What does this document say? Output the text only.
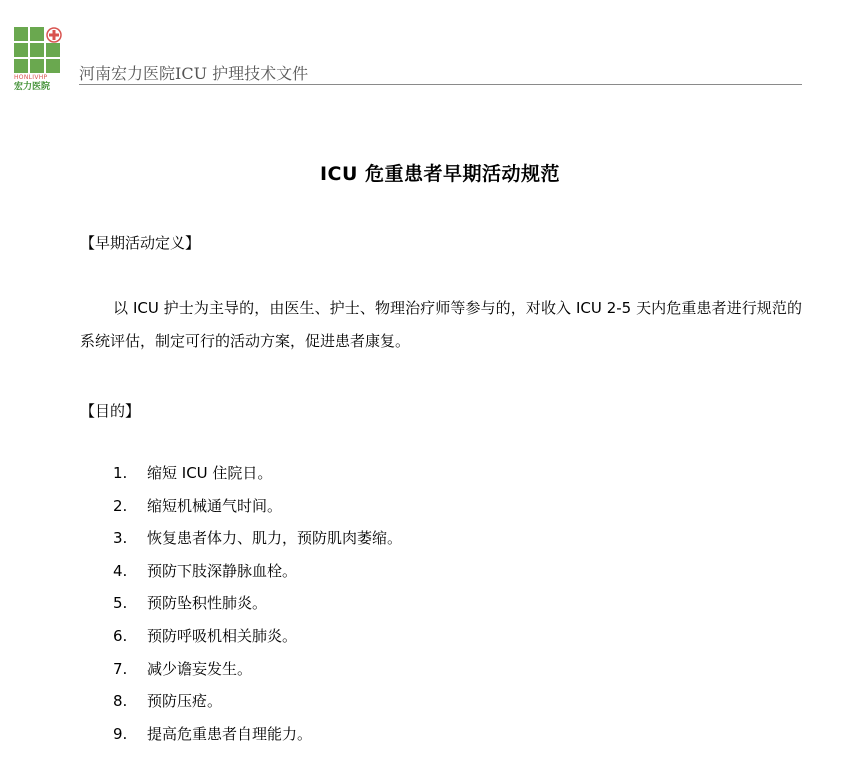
HONLIVHP
宏力医院
河南宏力医院ICU 护理技术文件
ICU 危重患者早期活动规范
【早期活动定义】
以 ICU 护士为主导的，由医生、护士、物理治疗师等参与的，对收入 ICU 2-5 天内危重患者进行规范的系统评估，制定可行的活动方案，促进患者康复。
【目的】
1. 缩短 ICU 住院日。
2. 缩短机械通气时间。
3. 恢复患者体力、肌力，预防肌肉萎缩。
4. 预防下肢深静脉血栓。
5. 预防坠积性肺炎。
6. 预防呼吸机相关肺炎。
7. 减少谵妄发生。
8. 预防压疮。
9. 提高危重患者自理能力。
